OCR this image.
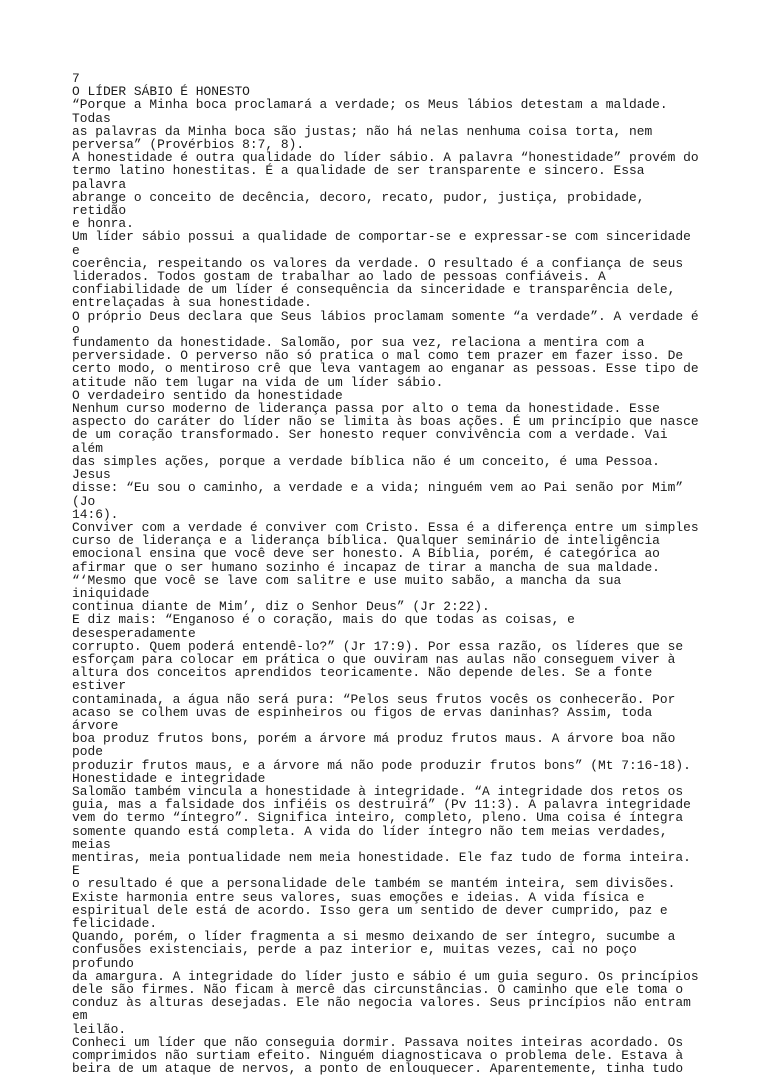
7

O LÍDER SÁBIO É HONESTO

“Porque a Minha boca proclamará a verdade; os Meus lábios detestam a maldade. Todas
as palavras da Minha boca são justas; não há nelas nenhuma coisa torta, nem
perversa” (Provérbios 8:7, 8).

A honestidade é outra qualidade do líder sábio. A palavra “honestidade” provém do
termo latino honestitas. É a qualidade de ser transparente e sincero. Essa palavra
abrange o conceito de decência, decoro, recato, pudor, justiça, probidade, retidão
e honra.

Um líder sábio possui a qualidade de comportar-se e expressar-se com sinceridade e
coerência, respeitando os valores da verdade. O resultado é a confiança de seus
liderados. Todos gostam de trabalhar ao lado de pessoas confiáveis. A
confiabilidade de um líder é consequência da sinceridade e transparência dele,
entrelaçadas à sua honestidade.

O próprio Deus declara que Seus lábios proclamam somente “a verdade”. A verdade é o
fundamento da honestidade. Salomão, por sua vez, relaciona a mentira com a
perversidade. O perverso não só pratica o mal como tem prazer em fazer isso. De
certo modo, o mentiroso crê que leva vantagem ao enganar as pessoas. Esse tipo de
atitude não tem lugar na vida de um líder sábio.

O verdadeiro sentido da honestidade

Nenhum curso moderno de liderança passa por alto o tema da honestidade. Esse
aspecto do caráter do líder não se limita às boas ações. É um princípio que nasce
de um coração transformado. Ser honesto requer convivência com a verdade. Vai além
das simples ações, porque a verdade bíblica não é um conceito, é uma Pessoa. Jesus
disse: “Eu sou o caminho, a verdade e a vida; ninguém vem ao Pai senão por Mim” (Jo
14:6).

Conviver com a verdade é conviver com Cristo. Essa é a diferença entre um simples
curso de liderança e a liderança bíblica. Qualquer seminário de inteligência
emocional ensina que você deve ser honesto. A Bíblia, porém, é categórica ao
afirmar que o ser humano sozinho é incapaz de tirar a mancha de sua maldade.
“‘Mesmo que você se lave com salitre e use muito sabão, a mancha da sua iniquidade
continua diante de Mim’, diz o Senhor Deus” (Jr 2:22).

E diz mais: “Enganoso é o coração, mais do que todas as coisas, e desesperadamente
corrupto. Quem poderá entendê-lo?” (Jr 17:9). Por essa razão, os líderes que se
esforçam para colocar em prática o que ouviram nas aulas não conseguem viver à
altura dos conceitos aprendidos teoricamente. Não depende deles. Se a fonte estiver
contaminada, a água não será pura: “Pelos seus frutos vocês os conhecerão. Por
acaso se colhem uvas de espinheiros ou figos de ervas daninhas? Assim, toda árvore
boa produz frutos bons, porém a árvore má produz frutos maus. A árvore boa não pode
produzir frutos maus, e a árvore má não pode produzir frutos bons” (Mt 7:16-18).

Honestidade e integridade

Salomão também vincula a honestidade à integridade. “A integridade dos retos os
guia, mas a falsidade dos infiéis os destruirá” (Pv 11:3). A palavra integridade
vem do termo “íntegro”. Significa inteiro, completo, pleno. Uma coisa é íntegra
somente quando está completa. A vida do líder íntegro não tem meias verdades, meias
mentiras, meia pontualidade nem meia honestidade. Ele faz tudo de forma inteira. E
o resultado é que a personalidade dele também se mantém inteira, sem divisões.
Existe harmonia entre seus valores, suas emoções e ideias. A vida física e
espiritual dele está de acordo. Isso gera um sentido de dever cumprido, paz e
felicidade.

Quando, porém, o líder fragmenta a si mesmo deixando de ser íntegro, sucumbe a
confusões existenciais, perde a paz interior e, muitas vezes, cai no poço profundo
da amargura. A integridade do líder justo e sábio é um guia seguro. Os princípios
dele são firmes. Não ficam à mercê das circunstâncias. O caminho que ele toma o
conduz às alturas desejadas. Ele não negocia valores. Seus princípios não entram em
leilão.

Conheci um líder que não conseguia dormir. Passava noites inteiras acordado. Os
comprimidos não surtiam efeito. Ninguém diagnosticava o problema dele. Estava à
beira de um ataque de nervos, a ponto de enlouquecer. Aparentemente, tinha tudo
